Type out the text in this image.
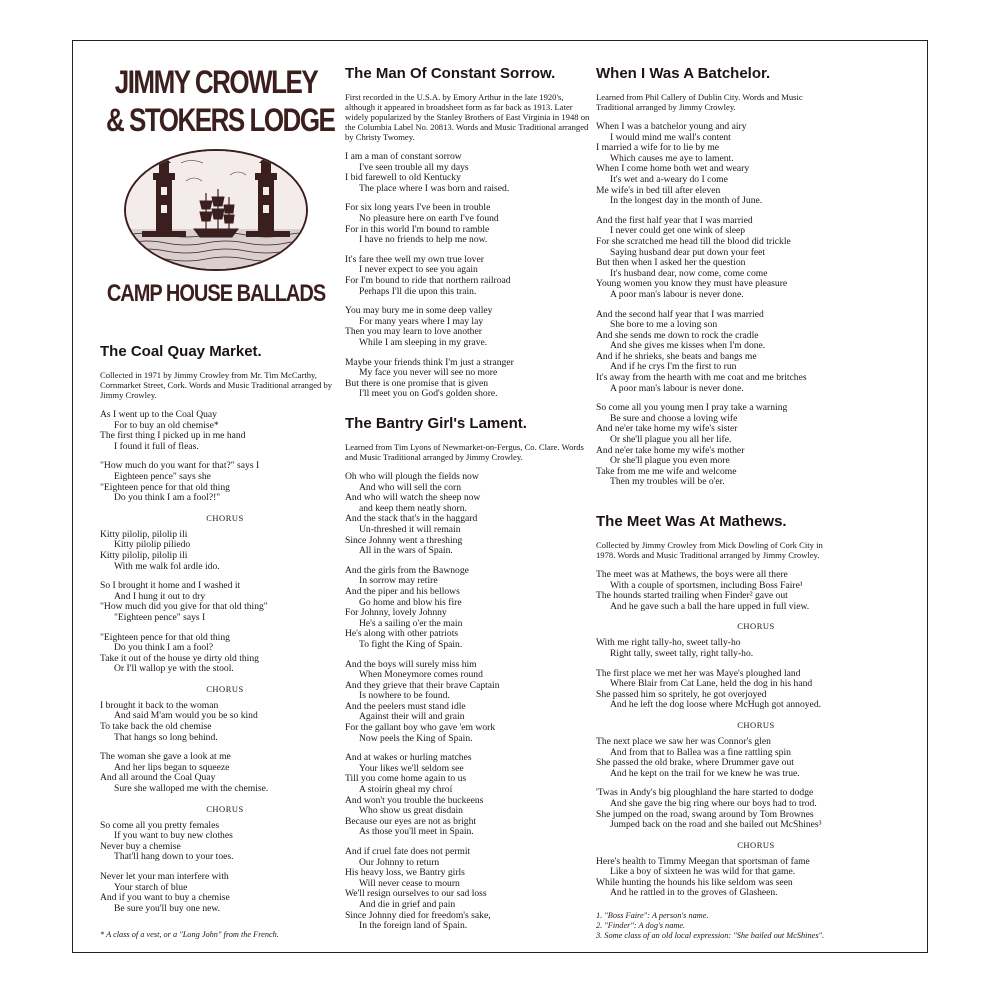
JIMMY CROWLEY
& STOKERS LODGE
CAMP HOUSE BALLADS
The Coal Quay Market.
Collected in 1971 by Jimmy Crowley from Mr. Tim McCarthy, Cornmarket Street, Cork. Words and Music Traditional arranged by Jimmy Crowley.
As I went up to the Coal Quay
For to buy an old chemise*
The first thing I picked up in me hand
I found it full of fleas.
"How much do you want for that?" says I
Eighteen pence" says she
"Eighteen pence for that old thing
Do you think I am a fool?!"
CHORUS
Kitty pilolip, pilolip ili
Kitty pilolip piliedo
Kitty pilolip, pilolip ili
With me walk fol ardle ido.
So I brought it home and I washed it
And I hung it out to dry
"How much did you give for that old thing"
"Eighteen pence" says I
"Eighteen pence for that old thing
Do you think I am a fool?
Take it out of the house ye dirty old thing
Or I'll wallop ye with the stool.
CHORUS
I brought it back to the woman
And said M'am would you be so kind
To take back the old chemise
That hangs so long behind.
The woman she gave a look at me
And her lips began to squeeze
And all around the Coal Quay
Sure she walloped me with the chemise.
CHORUS
So come all you pretty females
If you want to buy new clothes
Never buy a chemise
That'll hang down to your toes.
Never let your man interfere with
Your starch of blue
And if you want to buy a chemise
Be sure you'll buy one new.
* A class of a vest, or a "Long John" from the French.
The Man Of Constant Sorrow.
First recorded in the U.S.A. by Emory Arthur in the late 1920's, although it appeared in broadsheet form as far back as 1913. Later widely popularized by the Stanley Brothers of East Virginia in 1948 on the Columbia Label No. 20813. Words and Music Traditional arranged by Christy Twomey.
I am a man of constant sorrow
I've seen trouble all my days
I bid farewell to old Kentucky
The place where I was born and raised.
For six long years I've been in trouble
No pleasure here on earth I've found
For in this world I'm bound to ramble
I have no friends to help me now.
It's fare thee well my own true lover
I never expect to see you again
For I'm bound to ride that northern railroad
Perhaps I'll die upon this train.
You may bury me in some deep valley
For many years where I may lay
Then you may learn to love another
While I am sleeping in my grave.
Maybe your friends think I'm just a stranger
My face you never will see no more
But there is one promise that is given
I'll meet you on God's golden shore.
The Bantry Girl's Lament.
Learned from Tim Lyons of Newmarket-on-Fergus, Co. Clare. Words and Music Traditional arranged by Jimmy Crowley.
Oh who will plough the fields now
And who will sell the corn
And who will watch the sheep now
and keep them neatly shorn.
And the stack that's in the haggard
Un-threshed it will remain
Since Johnny went a threshing
All in the wars of Spain.
And the girls from the Bawnoge
In sorrow may retire
And the piper and his bellows
Go home and blow his fire
For Johnny, lovely Johnny
He's a sailing o'er the main
He's along with other patriots
To fight the King of Spain.
And the boys will surely miss him
When Moneymore comes round
And they grieve that their brave Captain
Is nowhere to be found.
And the peelers must stand idle
Against their will and grain
For the gallant boy who gave 'em work
Now peels the King of Spain.
And at wakes or hurling matches
Your likes we'll seldom see
Till you come home again to us
A stoirín gheal my chroí
And won't you trouble the buckeens
Who show us great disdain
Because our eyes are not as bright
As those you'll meet in Spain.
And if cruel fate does not permit
Our Johnny to return
His heavy loss, we Bantry girls
Will never cease to mourn
We'll resign ourselves to our sad loss
And die in grief and pain
Since Johnny died for freedom's sake,
In the foreign land of Spain.
When I Was A Batchelor.
Learned from Phil Callery of Dublin City. Words and Music Traditional arranged by Jimmy Crowley.
When I was a batchelor young and airy
I would mind me wall's content
I married a wife for to lie by me
Which causes me aye to lament.
When I come home both wet and weary
It's wet and a-weary do I come
Me wife's in bed till after eleven
In the longest day in the month of June.
And the first half year that I was married
I never could get one wink of sleep
For she scratched me head till the blood did trickle
Saying husband dear put down your feet
But then when I asked her the question
It's husband dear, now come, come come
Young women you know they must have pleasure
A poor man's labour is never done.
And the second half year that I was married
She bore to me a loving son
And she sends me down to rock the cradle
And she gives me kisses when I'm done.
And if he shrieks, she beats and bangs me
And if he crys I'm the first to run
It's away from the hearth with me coat and me britches
A poor man's labour is never done.
So come all you young men I pray take a warning
Be sure and choose a loving wife
And ne'er take home my wife's sister
Or she'll plague you all her life.
And ne'er take home my wife's mother
Or she'll plague you even more
Take from me me wife and welcome
Then my troubles will be o'er.
The Meet Was At Mathews.
Collected by Jimmy Crowley from Mick Dowling of Cork City in 1978. Words and Music Traditional arranged by Jimmy Crowley.
The meet was at Mathews, the boys were all there
With a couple of sportsmen, including Boss Faire¹
The hounds started trailing when Finder² gave out
And he gave such a ball the hare upped in full view.
CHORUS
With me right tally-ho, sweet tally-ho
Right tally, sweet tally, right tally-ho.
The first place we met her was Maye's ploughed land
Where Blair from Cat Lane, held the dog in his hand
She passed him so spritely, he got overjoyed
And he left the dog loose where McHugh got annoyed.
CHORUS
The next place we saw her was Connor's glen
And from that to Ballea was a fine rattling spin
She passed the old brake, where Drummer gave out
And he kept on the trail for we knew he was true.
'Twas in Andy's big ploughland the hare started to dodge
And she gave the big ring where our boys had to trod.
She jumped on the road, swang around by Tom Brownes
Jumped back on the road and she bailed out McShines³
CHORUS
Here's health to Timmy Meegan that sportsman of fame
Like a boy of sixteen he was wild for that game.
While hunting the hounds his like seldom was seen
And he rattled in to the groves of Glasheen.
1. "Boss Faire": A person's name.
2. "Finder": A dog's name.
3. Some class of an old local expression: "She bailed out McShines".
